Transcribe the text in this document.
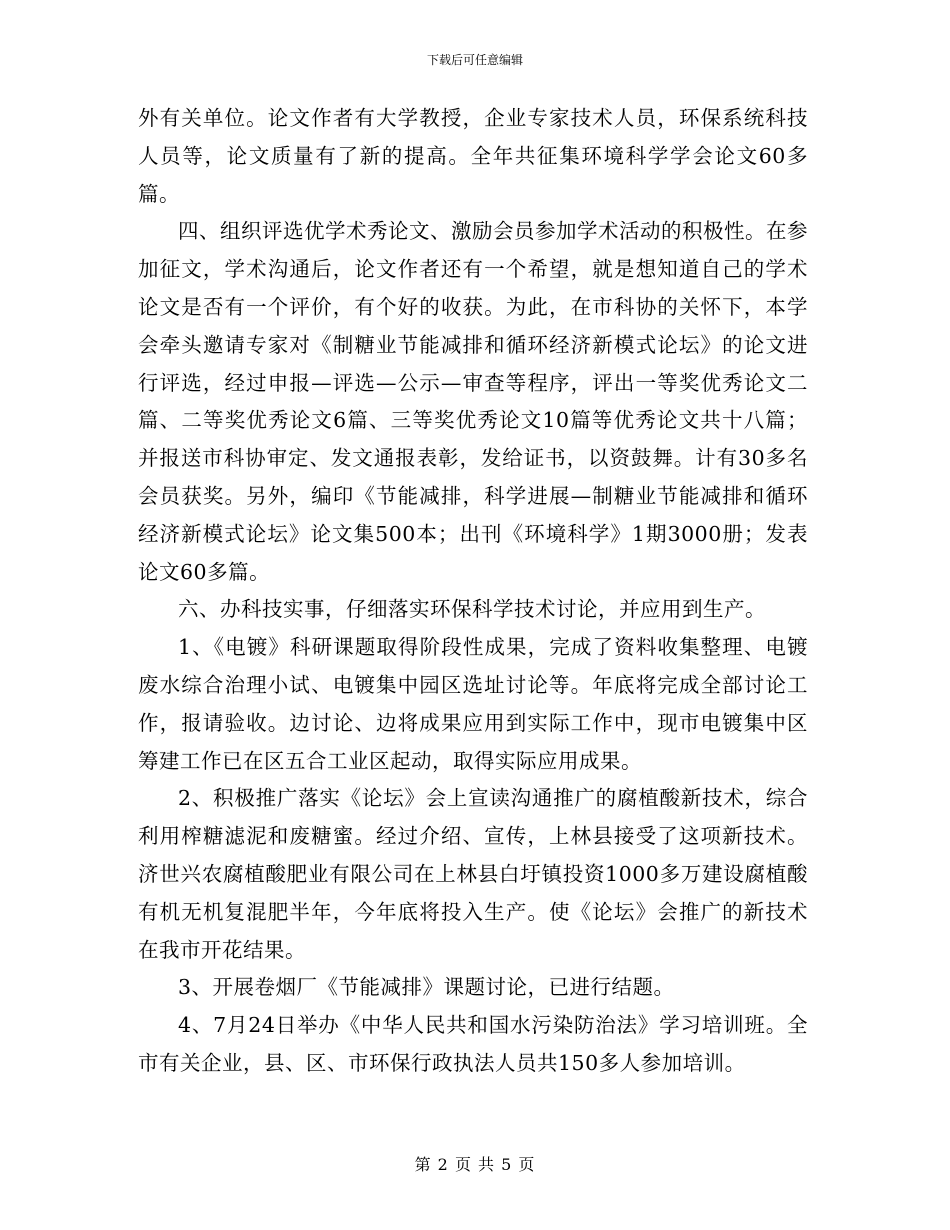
下载后可任意编辑

外有关单位。论文作者有大学教授，企业专家技术人员，环保系统科技人员等，论文质量有了新的提高。全年共征集环境科学学会论文60多篇。

四、组织评选优学术秀论文、激励会员参加学术活动的积极性。在参加征文，学术沟通后，论文作者还有一个希望，就是想知道自己的学术论文是否有一个评价，有个好的收获。为此，在市科协的关怀下，本学会牵头邀请专家对《制糖业节能减排和循环经济新模式论坛》的论文进行评选，经过申报—评选—公示—审查等程序，评出一等奖优秀论文二篇、二等奖优秀论文6篇、三等奖优秀论文10篇等优秀论文共十八篇；并报送市科协审定、发文通报表彰，发给证书，以资鼓舞。计有30多名会员获奖。另外，编印《节能减排，科学进展—制糖业节能减排和循环经济新模式论坛》论文集500本；出刊《环境科学》1期3000册；发表论文60多篇。

六、办科技实事，仔细落实环保科学技术讨论，并应用到生产。

1、《电镀》科研课题取得阶段性成果，完成了资料收集整理、电镀废水综合治理小试、电镀集中园区选址讨论等。年底将完成全部讨论工作，报请验收。边讨论、边将成果应用到实际工作中，现市电镀集中区筹建工作已在区五合工业区起动，取得实际应用成果。

2、积极推广落实《论坛》会上宣读沟通推广的腐植酸新技术，综合利用榨糖滤泥和废糖蜜。经过介绍、宣传，上林县接受了这项新技术。济世兴农腐植酸肥业有限公司在上林县白圩镇投资1000多万建设腐植酸有机无机复混肥半年，今年底将投入生产。使《论坛》会推广的新技术在我市开花结果。

3、开展卷烟厂《节能减排》课题讨论，已进行结题。

4、7月24日举办《中华人民共和国水污染防治法》学习培训班。全市有关企业，县、区、市环保行政执法人员共150多人参加培训。

第 2 页 共 5 页
